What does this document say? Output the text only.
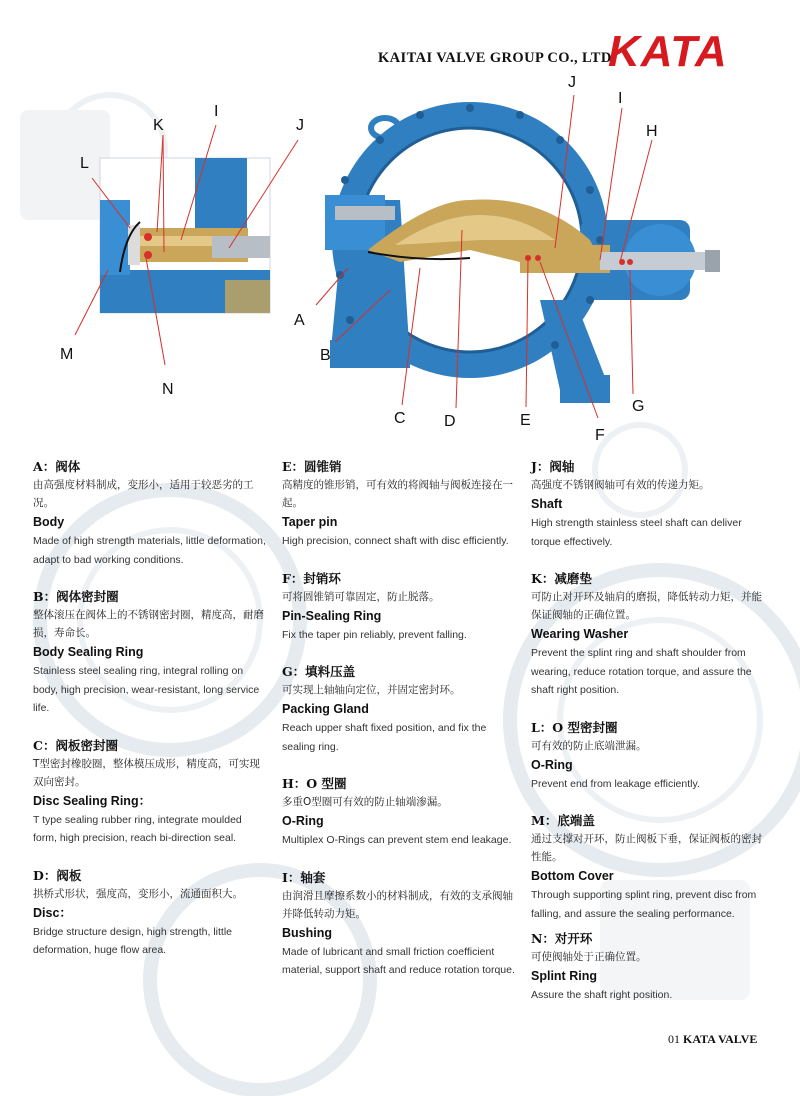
KAITAI VALVE GROUP CO., LTD.
KATA
K
I
J
L
M
N
A
B
C D	E
F
G
H
J
I
A：阀体
由高强度材料制成，变形小，适用于较恶劣的工况。
Body
Made of high strength materials, little deformation, adapt to bad working conditions.
B：阀体密封圈
整体滚压在阀体上的不锈钢密封圈，精度高，耐磨损，寿命长。
Body Sealing Ring
Stainless steel sealing ring, integral rolling on body, high precision, wear-resistant, long service life.
C：阀板密封圈
T型密封橡胶圈，整体模压成形，精度高，可实现双向密封。
Disc Sealing Ring：
T type sealing rubber ring, integrate moulded form, high precision, reach bi-direction seal.
D：阀板
拱桥式形状，强度高，变形小，流通面积大。
Disc：
Bridge structure design, high strength, little deformation, huge flow area.
E：圆锥销
高精度的锥形销，可有效的将阀轴与阀板连接在一起。
Taper pin
High precision, connect shaft with disc efficiently.
F：封销环
可将圆锥销可靠固定，防止脱落。
Pin-Sealing Ring
Fix the taper pin reliably, prevent falling.
G：填料压盖
可实现上轴轴向定位，并固定密封环。
Packing Gland
Reach upper shaft fixed position, and fix the sealing ring.
H：O 型圈
多重O型圈可有效的防止轴端渗漏。
O-Ring
Multiplex O-Rings can prevent stem end leakage.
I：轴套
由润滑且摩擦系数小的材料制成，有效的支承阀轴并降低转动力矩。
Bushing
Made of lubricant and small friction coefficient material, support shaft and reduce rotation torque.
J：阀轴
高强度不锈钢阀轴可有效的传递力矩。
Shaft
High strength stainless steel shaft can deliver torque effectively.
K：减磨垫
可防止对开环及轴肩的磨损，降低转动力矩，并能保证阀轴的正确位置。
Wearing Washer
Prevent the splint ring and shaft shoulder from wearing, reduce rotation torque, and assure the shaft right position.
L：O 型密封圈
可有效的防止底端泄漏。
O-Ring
Prevent end from leakage efficiently.
M：底端盖
通过支撑对开环，防止阀板下垂，保证阀板的密封性能。
Bottom Cover
Through supporting splint ring, prevent disc from falling, and assure the sealing performance.
N：对开环
可使阀轴处于正确位置。
Splint Ring
Assure the shaft right position.
01 KATA VALVE
